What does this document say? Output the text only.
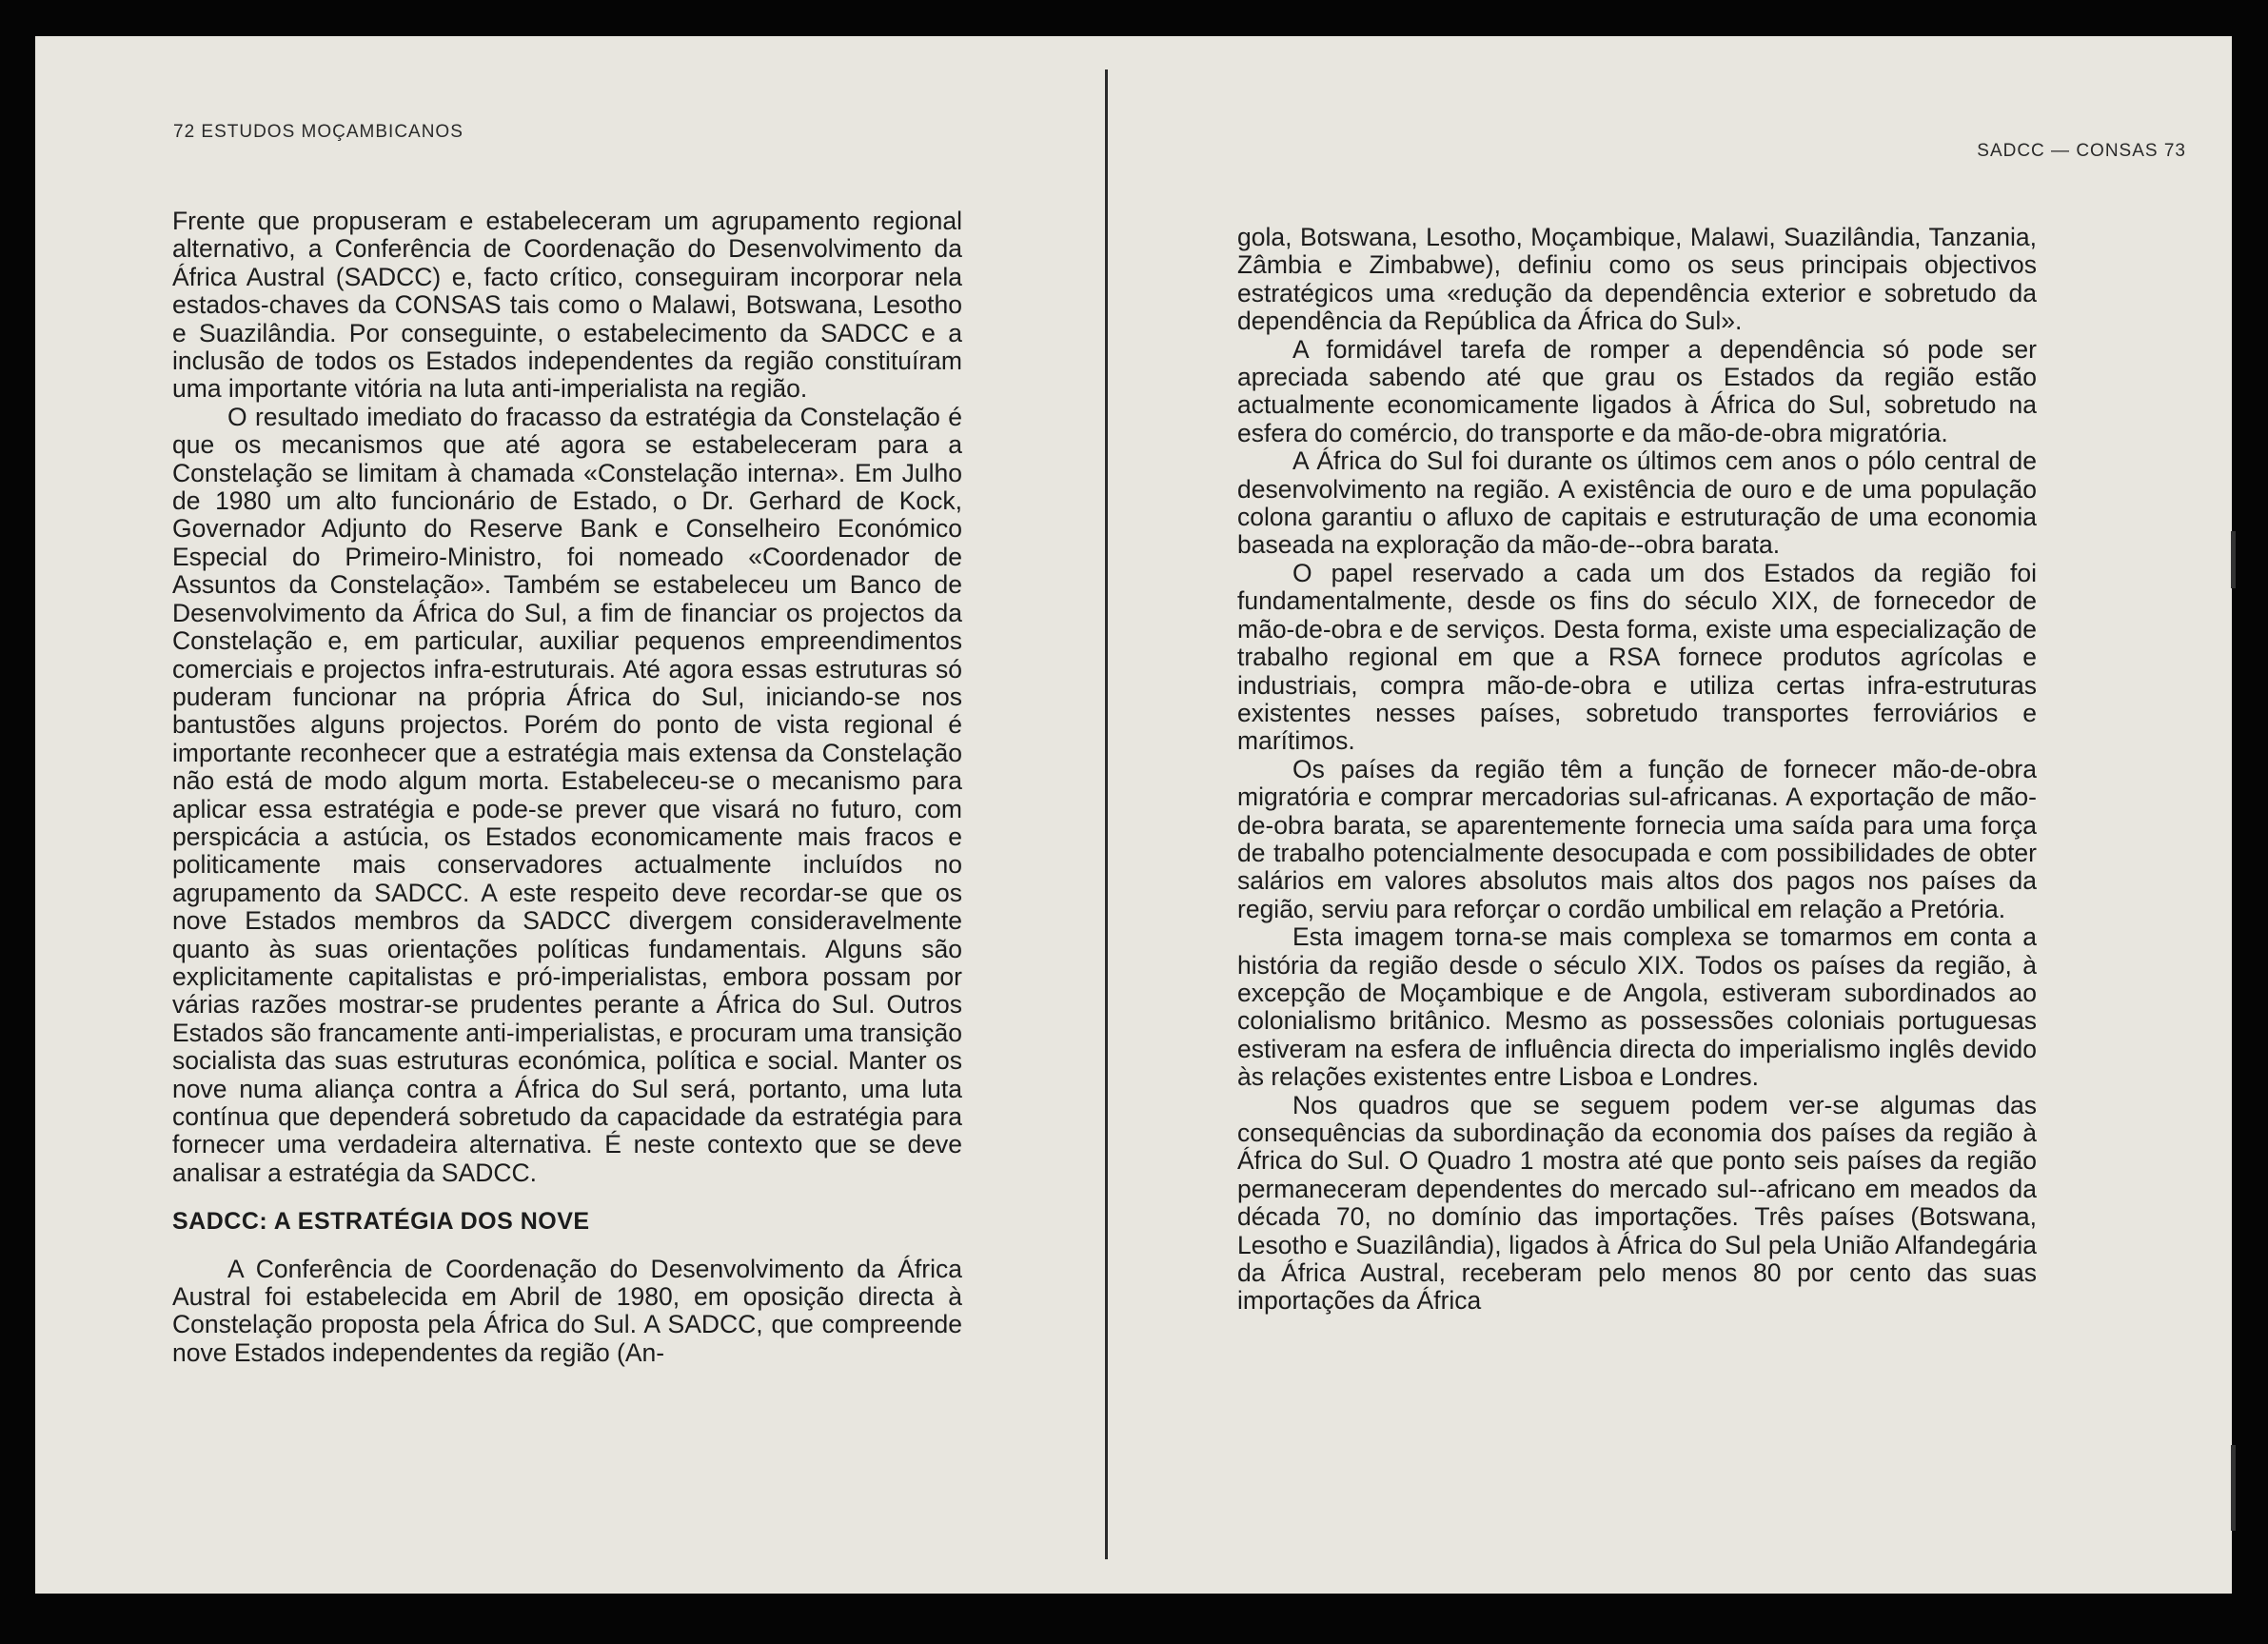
72 ESTUDOS MOÇAMBICANOS

Frente que propuseram e estabeleceram um agrupamento regional alternativo, a Conferência de Coordenação do Desenvolvimento da África Austral (SADCC) e, facto crítico, conseguiram incorporar nela estados-chaves da CONSAS tais como o Malawi, Botswana, Lesotho e Suazilândia. Por conseguinte, o estabelecimento da SADCC e a inclusão de todos os Estados independentes da região constituíram uma importante vitória na luta anti-imperialista na região.

O resultado imediato do fracasso da estratégia da Constelação é que os mecanismos que até agora se estabeleceram para a Constelação se limitam à chamada «Constelação interna». Em Julho de 1980 um alto funcionário de Estado, o Dr. Gerhard de Kock, Governador Adjunto do Reserve Bank e Conselheiro Económico Especial do Primeiro-Ministro, foi nomeado «Coordenador de Assuntos da Constelação». Também se estabeleceu um Banco de Desenvolvimento da África do Sul, a fim de financiar os projectos da Constelação e, em particular, auxiliar pequenos empreendimentos comerciais e projectos infra-estruturais. Até agora essas estruturas só puderam funcionar na própria África do Sul, iniciando-se nos bantustões alguns projectos. Porém do ponto de vista regional é importante reconhecer que a estratégia mais extensa da Constelação não está de modo algum morta. Estabeleceu-se o mecanismo para aplicar essa estratégia e pode-se prever que visará no futuro, com perspicácia a astúcia, os Estados economicamente mais fracos e politicamente mais conservadores actualmente incluídos no agrupamento da SADCC. A este respeito deve recordar-se que os nove Estados membros da SADCC divergem consideravelmente quanto às suas orientações políticas fundamentais. Alguns são explicitamente capitalistas e pró-imperialistas, embora possam por várias razões mostrar-se prudentes perante a África do Sul. Outros Estados são francamente anti-imperialistas, e procuram uma transição socialista das suas estruturas económica, política e social. Manter os nove numa aliança contra a África do Sul será, portanto, uma luta contínua que dependerá sobretudo da capacidade da estratégia para fornecer uma verdadeira alternativa. É neste contexto que se deve analisar a estratégia da SADCC.

SADCC: A ESTRATÉGIA DOS NOVE

A Conferência de Coordenação do Desenvolvimento da África Austral foi estabelecida em Abril de 1980, em oposição directa à Constelação proposta pela África do Sul. A SADCC, que compreende nove Estados independentes da região (An-

SADCC — CONSAS 73

gola, Botswana, Lesotho, Moçambique, Malawi, Suazilândia, Tanzania, Zâmbia e Zimbabwe), definiu como os seus principais objectivos estratégicos uma «redução da dependência exterior e sobretudo da dependência da República da África do Sul».

A formidável tarefa de romper a dependência só pode ser apreciada sabendo até que grau os Estados da região estão actualmente economicamente ligados à África do Sul, sobretudo na esfera do comércio, do transporte e da mão-de-obra migratória.

A África do Sul foi durante os últimos cem anos o pólo central de desenvolvimento na região. A existência de ouro e de uma população colona garantiu o afluxo de capitais e estruturação de uma economia baseada na exploração da mão-de--obra barata.

O papel reservado a cada um dos Estados da região foi fundamentalmente, desde os fins do século XIX, de fornecedor de mão-de-obra e de serviços. Desta forma, existe uma especialização de trabalho regional em que a RSA fornece produtos agrícolas e industriais, compra mão-de-obra e utiliza certas infra-estruturas existentes nesses países, sobretudo transportes ferroviários e marítimos.

Os países da região têm a função de fornecer mão-de-obra migratória e comprar mercadorias sul-africanas. A exportação de mão-de-obra barata, se aparentemente fornecia uma saída para uma força de trabalho potencialmente desocupada e com possibilidades de obter salários em valores absolutos mais altos dos pagos nos países da região, serviu para reforçar o cordão umbilical em relação a Pretória.

Esta imagem torna-se mais complexa se tomarmos em conta a história da região desde o século XIX. Todos os países da região, à excepção de Moçambique e de Angola, estiveram subordinados ao colonialismo britânico. Mesmo as possessões coloniais portuguesas estiveram na esfera de influência directa do imperialismo inglês devido às relações existentes entre Lisboa e Londres.

Nos quadros que se seguem podem ver-se algumas das consequências da subordinação da economia dos países da região à África do Sul. O Quadro 1 mostra até que ponto seis países da região permaneceram dependentes do mercado sul--africano em meados da década 70, no domínio das importações. Três países (Botswana, Lesotho e Suazilândia), ligados à África do Sul pela União Alfandegária da África Austral, receberam pelo menos 80 por cento das suas importações da África
